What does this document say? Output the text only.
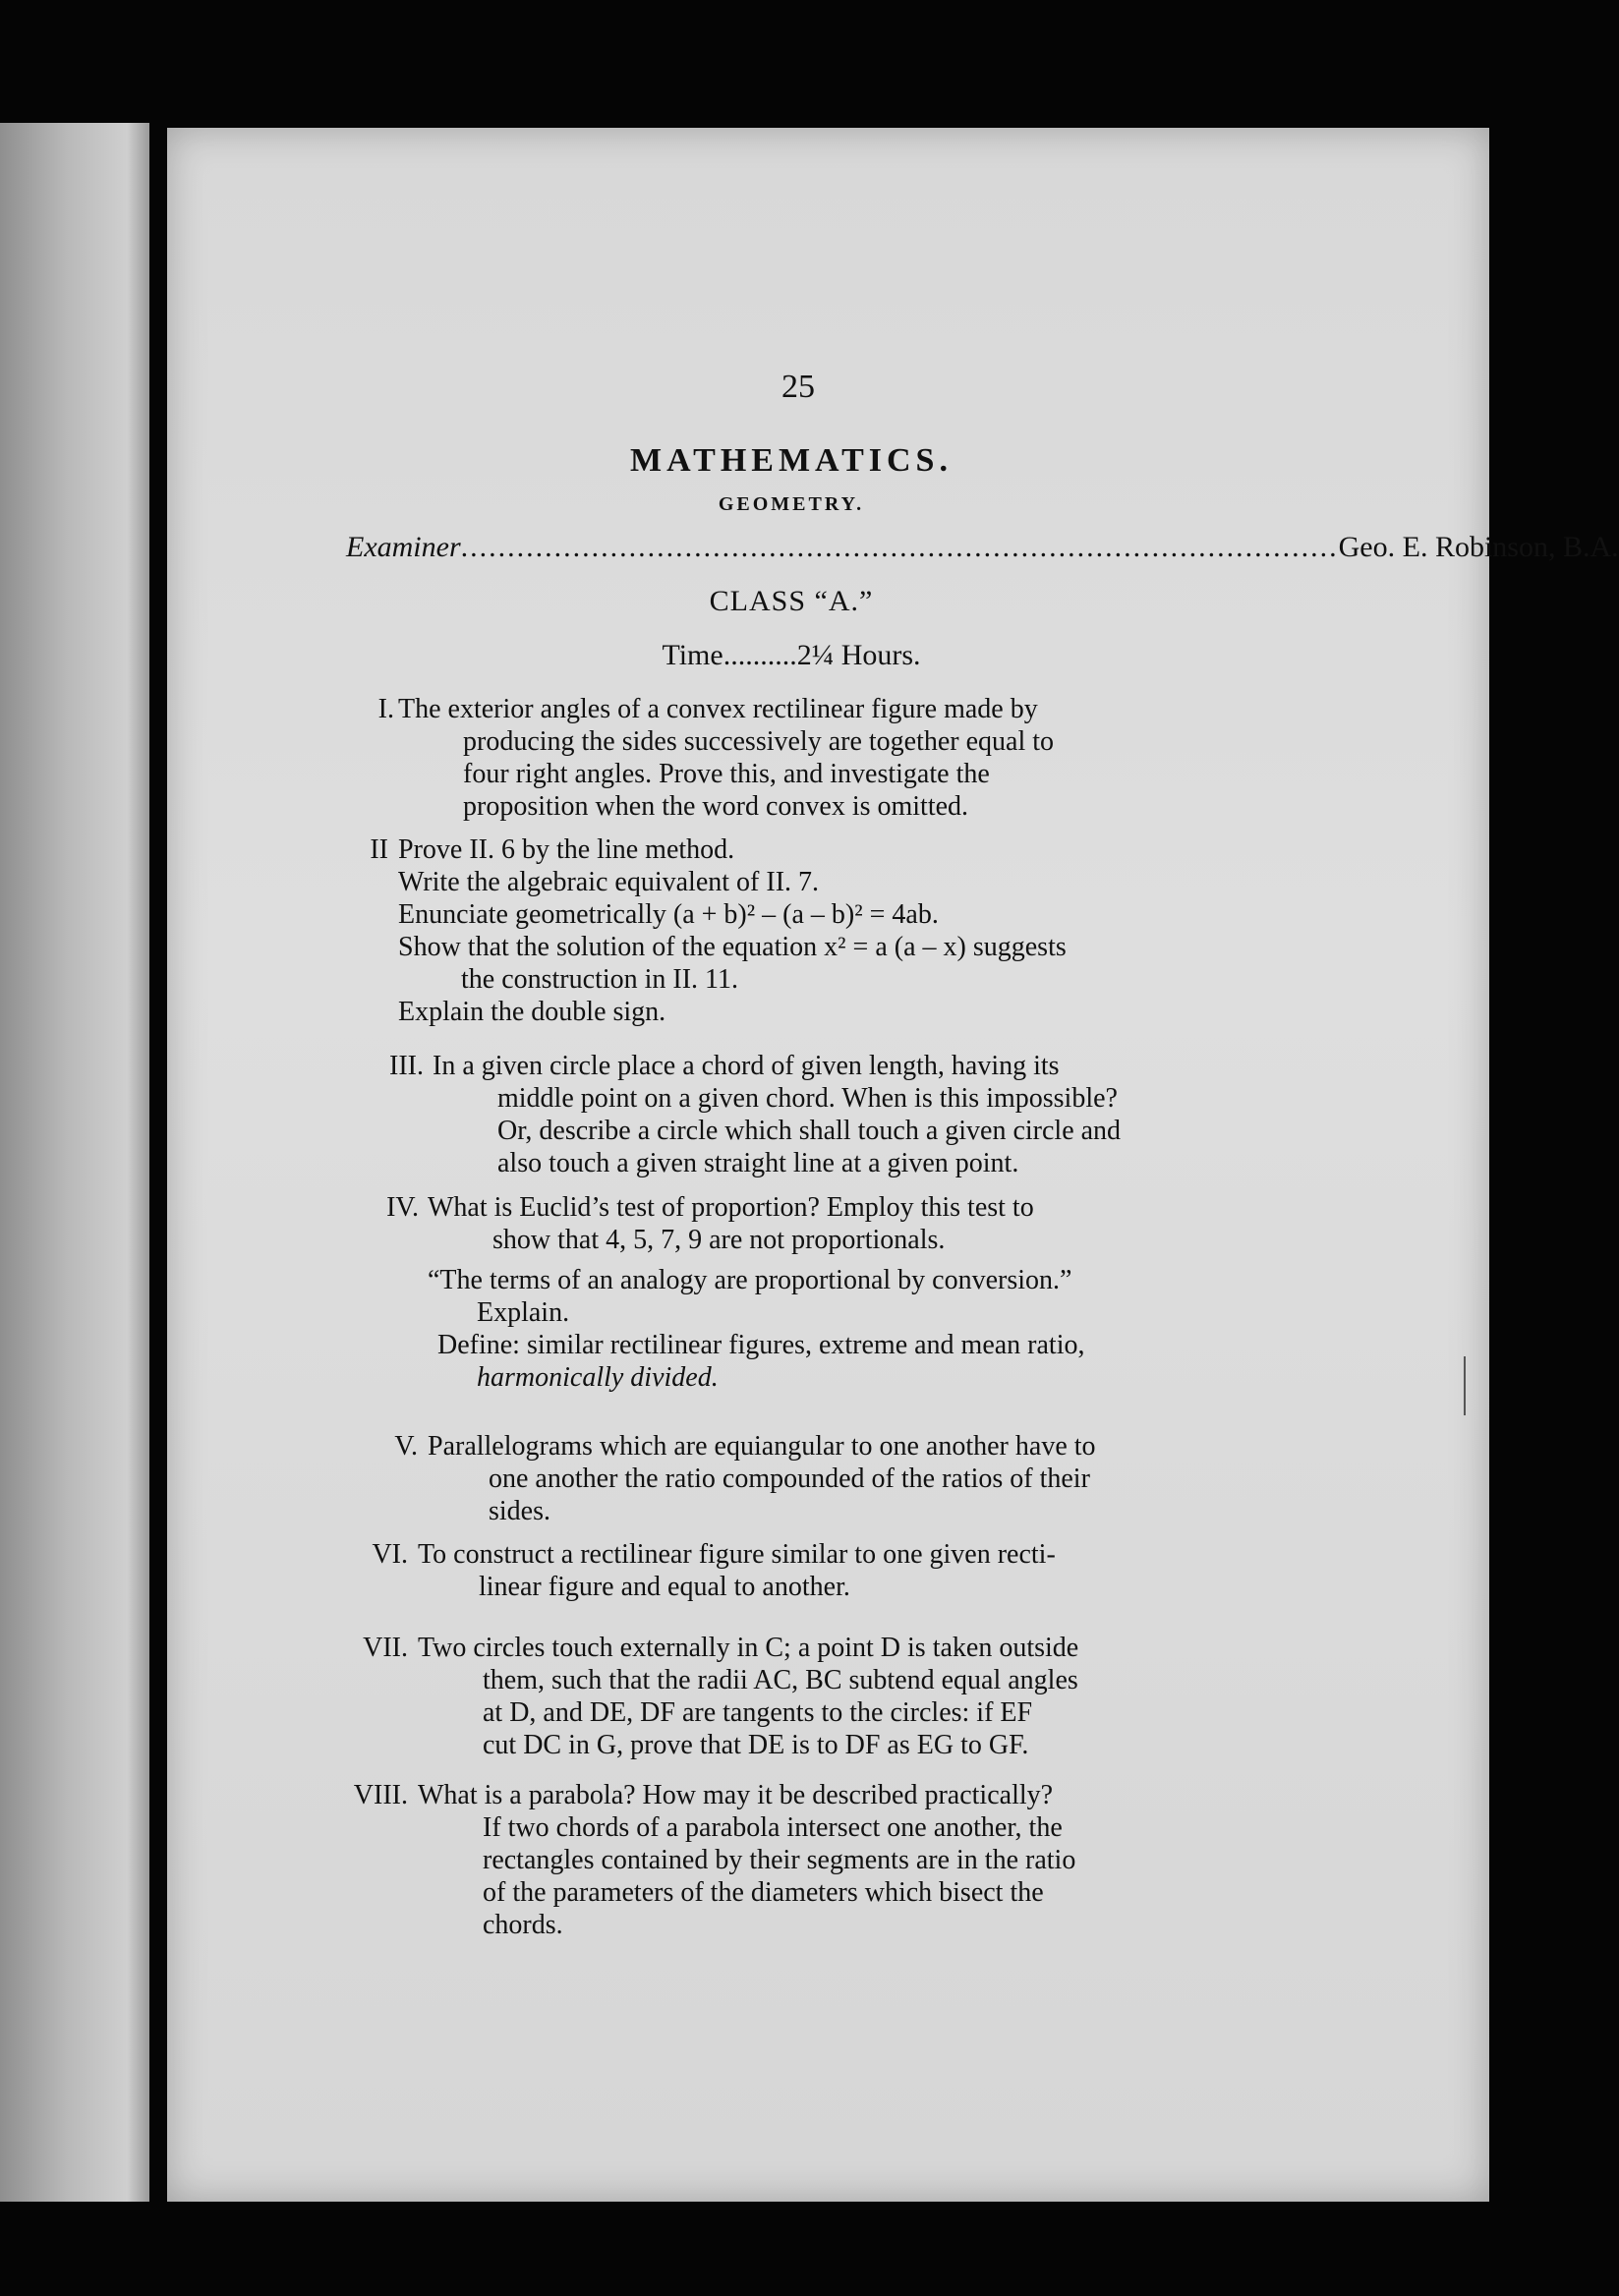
25
MATHEMATICS.
GEOMETRY.
Examiner .............................................................................................. Geo. E. Robinson, B.A.
CLASS “A.”
Time..........2¼ Hours.
I. The exterior angles of a convex rectilinear figure made by
producing the sides successively are together equal to
four right angles. Prove this, and investigate the
proposition when the word convex is omitted.
II Prove II. 6 by the line method.
Write the algebraic equivalent of II. 7.
Enunciate geometrically (a + b)² – (a – b)² = 4ab.
Show that the solution of the equation x² = a (a – x) suggests
the construction in II. 11.
Explain the double sign.
III. In a given circle place a chord of given length, having its
middle point on a given chord. When is this impossible?
Or, describe a circle which shall touch a given circle and
also touch a given straight line at a given point.
IV. What is Euclid’s test of proportion? Employ this test to
show that 4, 5, 7, 9 are not proportionals.
“The terms of an analogy are proportional by conversion.”
Explain.
Define: similar rectilinear figures, extreme and mean ratio,
harmonically divided.
V. Parallelograms which are equiangular to one another have to
one another the ratio compounded of the ratios of their
sides.
VI. To construct a rectilinear figure similar to one given recti-
linear figure and equal to another.
VII. Two circles touch externally in C; a point D is taken outside
them, such that the radii AC, BC subtend equal angles
at D, and DE, DF are tangents to the circles: if EF
cut DC in G, prove that DE is to DF as EG to GF.
VIII. What is a parabola? How may it be described practically?
If two chords of a parabola intersect one another, the
rectangles contained by their segments are in the ratio
of the parameters of the diameters which bisect the
chords.
